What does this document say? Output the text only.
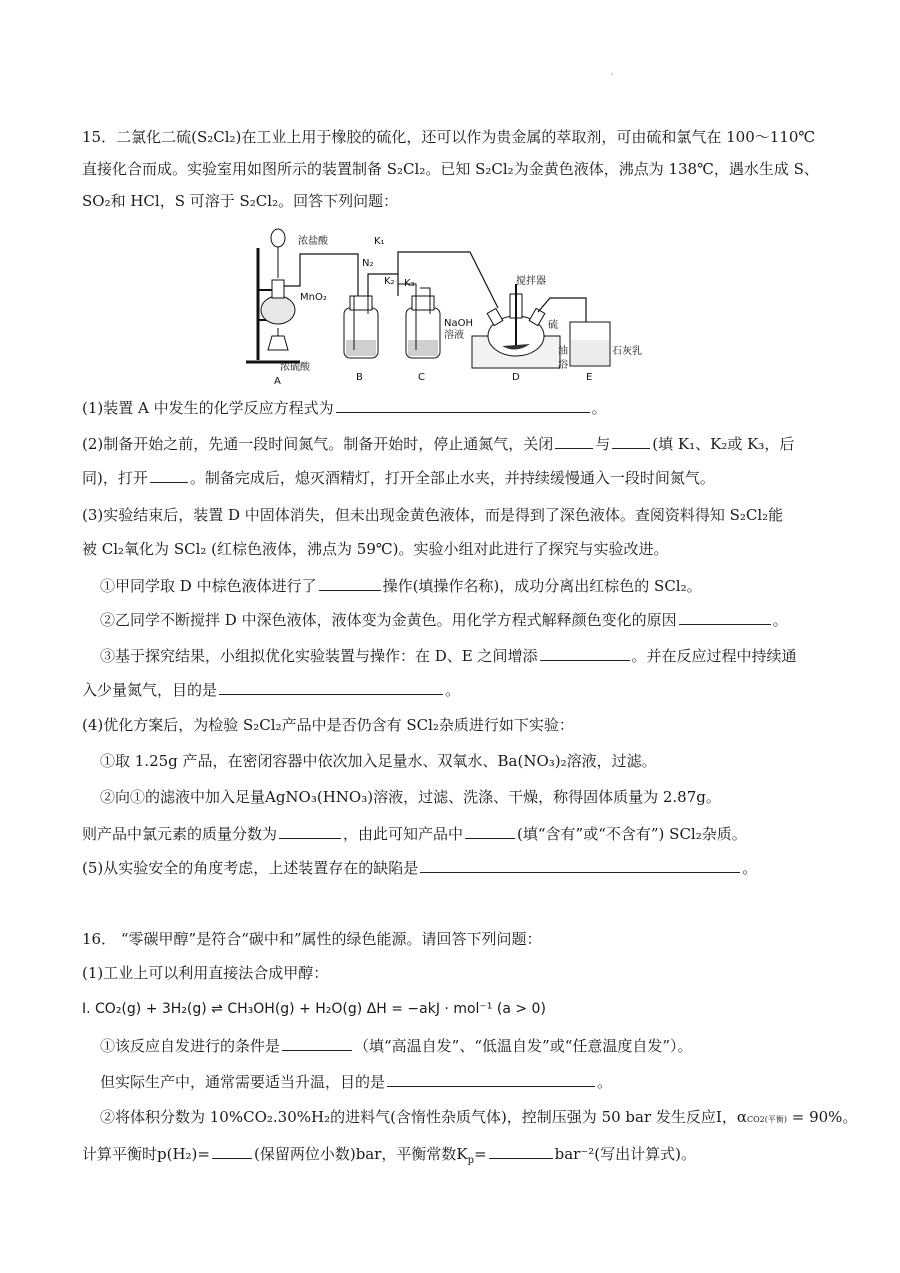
·
15．二氯化二硫(S₂Cl₂)在工业上用于橡胶的硫化，还可以作为贵金属的萃取剂，可由硫和氯气在 100～110℃
直接化合而成。实验室用如图所示的装置制备 S₂Cl₂。已知 S₂Cl₂为金黄色液体，沸点为 138℃，遇水生成 S、
SO₂和 HCl，S 可溶于 S₂Cl₂。回答下列问题：
浓盐酸
MnO₂
浓硫酸
K₁
N₂
K₂ K₃
NaOH
溶液
搅拌器
硫
油
浴
石灰乳
A	B	C	D	E
(1)装置 A 中发生的化学反应方程式为	。
(2)制备开始之前，先通一段时间氮气。制备开始时，停止通氮气，关闭	与	(填 K₁、K₂或 K₃，后
同)，打开	。制备完成后，熄灭酒精灯，打开全部止水夹，并持续缓慢通入一段时间氮气。
(3)实验结束后，装置 D 中固体消失，但未出现金黄色液体，而是得到了深色液体。查阅资料得知 S₂Cl₂能
被 Cl₂氧化为 SCl₂ (红棕色液体，沸点为 59℃)。实验小组对此进行了探究与实验改进。
①甲同学取 D 中棕色液体进行了	操作(填操作名称)，成功分离出红棕色的 SCl₂。
②乙同学不断搅拌 D 中深色液体，液体变为金黄色。用化学方程式解释颜色变化的原因	。
③基于探究结果，小组拟优化实验装置与操作：在 D、E 之间增添	。并在反应过程中持续通
入少量氮气，目的是	。
(4)优化方案后，为检验 S₂Cl₂产品中是否仍含有 SCl₂杂质进行如下实验：
①取 1.25g 产品，在密闭容器中依次加入足量水、双氧水、Ba(NO₃)₂溶液，过滤。
②向①的滤液中加入足量AgNO₃(HNO₃)溶液，过滤、洗涤、干燥，称得固体质量为 2.87g。
则产品中氯元素的质量分数为	，由此可知产品中	(填“含有”或“不含有”) SCl₂杂质。
(5)从实验安全的角度考虑，上述装置存在的缺陷是	。
16． “零碳甲醇”是符合“碳中和”属性的绿色能源。请回答下列问题：
(1)工业上可以利用直接法合成甲醇：
I. CO₂(g) + 3H₂(g) ⇌ CH₃OH(g) + H₂O(g) ΔH = −akJ · mol⁻¹ (a > 0)
①该反应自发进行的条件是	（填“高温自发”、“低温自发”或“任意温度自发”）。
但实际生产中，通常需要适当升温，目的是	。
②将体积分数为 10%CO₂.30%H₂的进料气(含惰性杂质气体)，控制压强为 50 bar 发生反应I，αCO2(平衡) = 90%。
计算平衡时p(H₂)=	(保留两位小数)bar，平衡常数$K_p=$	bar⁻²(写出计算式)。
